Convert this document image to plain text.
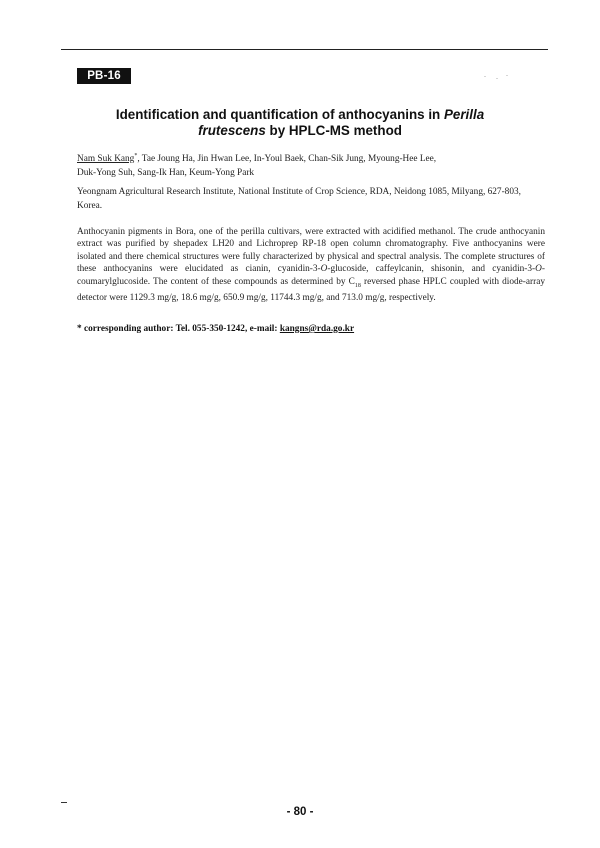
PB-16
Identification and quantification of anthocyanins in Perilla
frutescens by HPLC-MS method
Nam Suk Kang*, Tae Joung Ha, Jin Hwan Lee, In-Youl Baek, Chan-Sik Jung, Myoung-Hee Lee,
Duk-Yong Suh, Sang-Ik Han, Keum-Yong Park
Yeongnam Agricultural Research Institute, National Institute of Crop Science, RDA, Neidong 1085, Milyang, 627-803, Korea.

Anthocyanin pigments in Bora, one of the perilla cultivars, were extracted with acidified methanol. The crude anthocyanin extract was purified by shepadex LH20 and Lichroprep RP-18 open column chromatography. Five anthocyanins were isolated and there chemical structures were fully characterized by physical and spectral analysis. The complete structures of these anthocyanins were elucidated as cianin, cyanidin-3-O-glucoside, caffeylcanin, shisonin, and cyanidin-3-O-coumarylglucoside. The content of these compounds as determined by $C_{18}$ reversed phase HPLC coupled with diode-array detector were 1129.3 mg/g, 18.6 mg/g, 650.9 mg/g, 11744.3 mg/g, and 713.0 mg/g, respectively.

* corresponding author: Tel. 055-350-1242, e-mail: kangns@rda.go.kr
- 80 -
